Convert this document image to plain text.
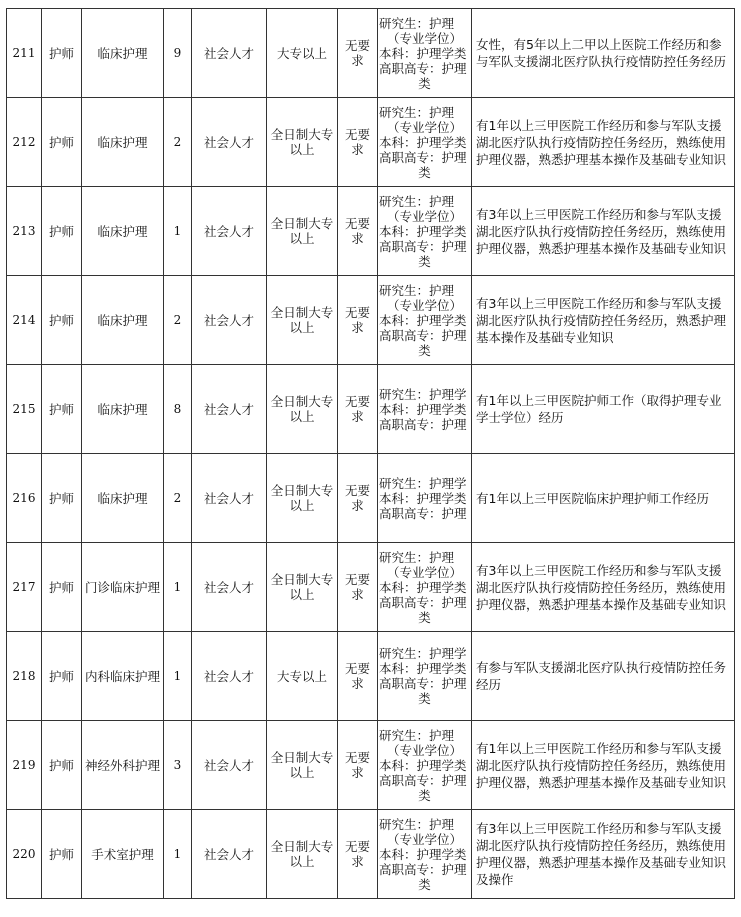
211	护师	临床护理	9	社会人才	大专以上	无要求	研究生：护理
（专业学位）
本科：护理学类
高职高专：护理
类	女性，有5年以上二甲以上医院工作经历和参与军队支援湖北医疗队执行疫情防控任务经历
212	护师	临床护理	2	社会人才	全日制大专以上	无要求	研究生：护理
（专业学位）
本科：护理学类
高职高专：护理
类	有1年以上三甲医院工作经历和参与军队支援湖北医疗队执行疫情防控任务经历，熟练使用护理仪器，熟悉护理基本操作及基础专业知识
213	护师	临床护理	1	社会人才	全日制大专以上	无要求	研究生：护理
（专业学位）
本科：护理学类
高职高专：护理
类	有3年以上三甲医院工作经历和参与军队支援湖北医疗队执行疫情防控任务经历，熟练使用护理仪器，熟悉护理基本操作及基础专业知识
214	护师	临床护理	2	社会人才	全日制大专以上	无要求	研究生：护理
（专业学位）
本科：护理学类
高职高专：护理
类	有3年以上三甲医院工作经历和参与军队支援湖北医疗队执行疫情防控任务经历，熟悉护理基本操作及基础专业知识
215	护师	临床护理	8	社会人才	全日制大专以上	无要求	研究生：护理学
本科：护理学类
高职高专：护理	有1年以上三甲医院护师工作（取得护理专业学士学位）经历
216	护师	临床护理	2	社会人才	全日制大专以上	无要求	研究生：护理学
本科：护理学类
高职高专：护理	有1年以上三甲医院临床护理护师工作经历
217	护师	门诊临床护理	1	社会人才	全日制大专以上	无要求	研究生：护理
（专业学位）
本科：护理学类
高职高专：护理
类	有3年以上三甲医院工作经历和参与军队支援湖北医疗队执行疫情防控任务经历，熟练使用护理仪器，熟悉护理基本操作及基础专业知识
218	护师	内科临床护理	1	社会人才	大专以上	无要求	研究生：护理学
本科：护理学类
高职高专：护理
类	有参与军队支援湖北医疗队执行疫情防控任务经历
219	护师	神经外科护理	3	社会人才	全日制大专以上	无要求	研究生：护理
（专业学位）
本科：护理学类
高职高专：护理
类	有1年以上三甲医院工作经历和参与军队支援湖北医疗队执行疫情防控任务经历，熟练使用护理仪器，熟悉护理基本操作及基础专业知识
220	护师	手术室护理	1	社会人才	全日制大专以上	无要求	研究生：护理
（专业学位）
本科：护理学类
高职高专：护理
类	有3年以上三甲医院工作经历和参与军队支援湖北医疗队执行疫情防控任务经历，熟练使用护理仪器，熟悉护理基本操作及基础专业知识及操作
